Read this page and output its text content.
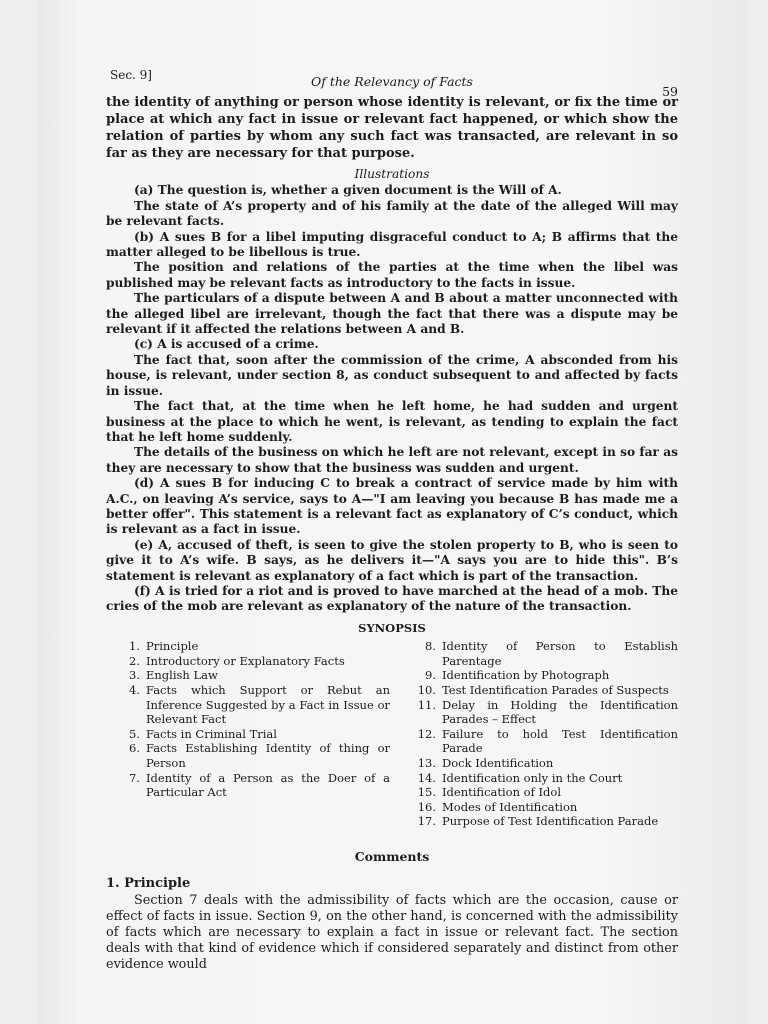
Sec. 9]	Of the Relevancy of Facts
59

the identity of anything or person whose identity is relevant, or fix the time or place at which any fact in issue or relevant fact happened, or which show the relation of parties by whom any such fact was transacted, are relevant in so far as they are necessary for that purpose.

Illustrations

(a) The question is, whether a given document is the Will of A.

The state of A’s property and of his family at the date of the alleged Will may be relevant facts.

(b) A sues B for a libel imputing disgraceful conduct to A; B affirms that the matter alleged to be libellous is true.

The position and relations of the parties at the time when the libel was published may be relevant facts as introductory to the facts in issue.

The particulars of a dispute between A and B about a matter unconnected with the alleged libel are irrelevant, though the fact that there was a dispute may be relevant if it affected the relations between A and B.

(c) A is accused of a crime.

The fact that, soon after the commission of the crime, A absconded from his house, is relevant, under section 8, as conduct subsequent to and affected by facts in issue.

The fact that, at the time when he left home, he had sudden and urgent business at the place to which he went, is relevant, as tending to explain the fact that he left home suddenly.

The details of the business on which he left are not relevant, except in so far as they are necessary to show that the business was sudden and urgent.

(d) A sues B for inducing C to break a contract of service made by him with A.C., on leaving A’s service, says to A—"I am leaving you because B has made me a better offer". This statement is a relevant fact as explanatory of C’s conduct, which is relevant as a fact in issue.

(e) A, accused of theft, is seen to give the stolen property to B, who is seen to give it to A’s wife. B says, as he delivers it—"A says you are to hide this". B’s statement is relevant as explanatory of a fact which is part of the transaction.

(f) A is tried for a riot and is proved to have marched at the head of a mob. The cries of the mob are relevant as explanatory of the nature of the transaction.

SYNOPSIS
1. Principle
2. Introductory or Explanatory Facts
3. English Law
4. Facts which Support or Rebut an Inference Suggested by a Fact in Issue or Relevant Fact
5. Facts in Criminal Trial
6. Facts Establishing Identity of thing or Person
7. Identity of a Person as the Doer of a Particular Act
8. Identity of Person to Establish Parentage
9. Identification by Photograph
10. Test Identification Parades of Suspects
11. Delay in Holding the Identification Parades – Effect
12. Failure to hold Test Identification Parade
13. Dock Identification
14. Identification only in the Court
15. Identification of Idol
16. Modes of Identification
17. Purpose of Test Identification Parade
Comments
1. Principle

Section 7 deals with the admissibility of facts which are the occasion, cause or effect of facts in issue. Section 9, on the other hand, is concerned with the admissibility of facts which are necessary to explain a fact in issue or relevant fact. The section deals with that kind of evidence which if considered separately and distinct from other evidence would
